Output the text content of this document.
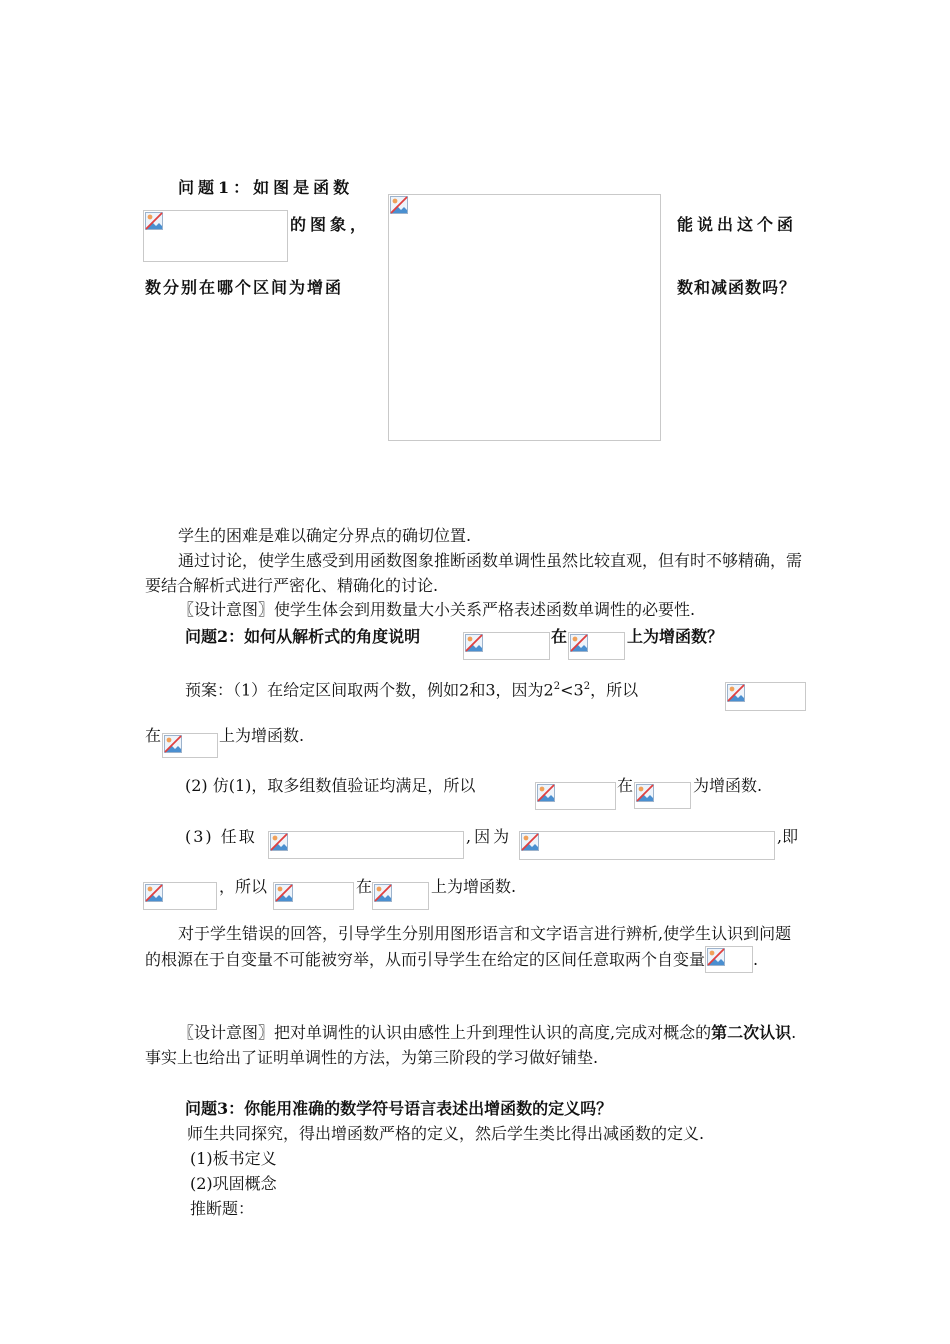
问题1：如图是函数
的图象，	能说出这个函
数分别在哪个区间为增函	数和减函数吗？
学生的困难是难以确定分界点的确切位置.
通过讨论，使学生感受到用函数图象推断函数单调性虽然比较直观，但有时不够精确，需要结合解析式进行严密化、精确化的讨论.
〖设计意图〗使学生体会到用数量大小关系严格表述函数单调性的必要性.
问题2：如何从解析式的角度说明	在	上为增函数？
预案：（1）在给定区间取两个数，例如2和3，因为$2^2<3^2$，所以
在	上为增函数.
(2) 仿(1)，取多组数值验证均满足，所以	在	为增函数.
(3) 任取	,因为	,即
，所以	在	上为增函数.
对于学生错误的回答，引导学生分别用图形语言和文字语言进行辨析,使学生认识到问题的根源在于自变量不可能被穷举，从而引导学生在给定的区间任意取两个自变量	.
〖设计意图〗把对单调性的认识由感性上升到理性认识的高度,完成对概念的第二次认识. 事实上也给出了证明单调性的方法，为第三阶段的学习做好铺垫.
问题3：你能用准确的数学符号语言表述出增函数的定义吗？
师生共同探究，得出增函数严格的定义，然后学生类比得出减函数的定义.
(1)板书定义
(2)巩固概念
推断题：
